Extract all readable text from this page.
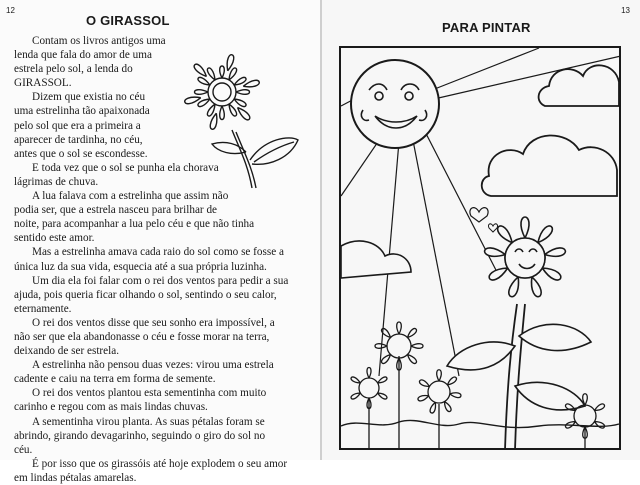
12	13
O GIRASSOL	PARA PINTAR

Contam os livros antigos uma
lenda que fala do amor de uma
estrela pelo sol, a lenda do
GIRASSOL.

Dizem que existia no céu
uma estrelinha tão apaixonada
pelo sol que era a primeira a
aparecer de tardinha, no céu,
antes que o sol se escondesse.

E toda vez que o sol se punha ela chorava
lágrimas de chuva.

A lua falava com a estrelinha que assim não
podia ser, que a estrela nasceu para brilhar de
noite, para acompanhar a lua pelo céu e que não tinha
sentido este amor.

Mas a estrelinha amava cada raio do sol como se fosse a
única luz da sua vida, esquecia até a sua própria luzinha.

Um dia ela foi falar com o rei dos ventos para pedir a sua
ajuda, pois queria ficar olhando o sol, sentindo o seu calor,
eternamente.

O rei dos ventos disse que seu sonho era impossível, a
não ser que ela abandonasse o céu e fosse morar na terra,
deixando de ser estrela.

A estrelinha não pensou duas vezes: virou uma estrela
cadente e caiu na terra em forma de semente.

O rei dos ventos plantou esta sementinha com muito
carinho e regou com as mais lindas chuvas.

A sementinha virou planta. As suas pétalas foram se
abrindo, girando devagarinho, seguindo o giro do sol no
céu.

É por isso que os girassóis até hoje explodem o seu amor
em lindas pétalas amarelas.
